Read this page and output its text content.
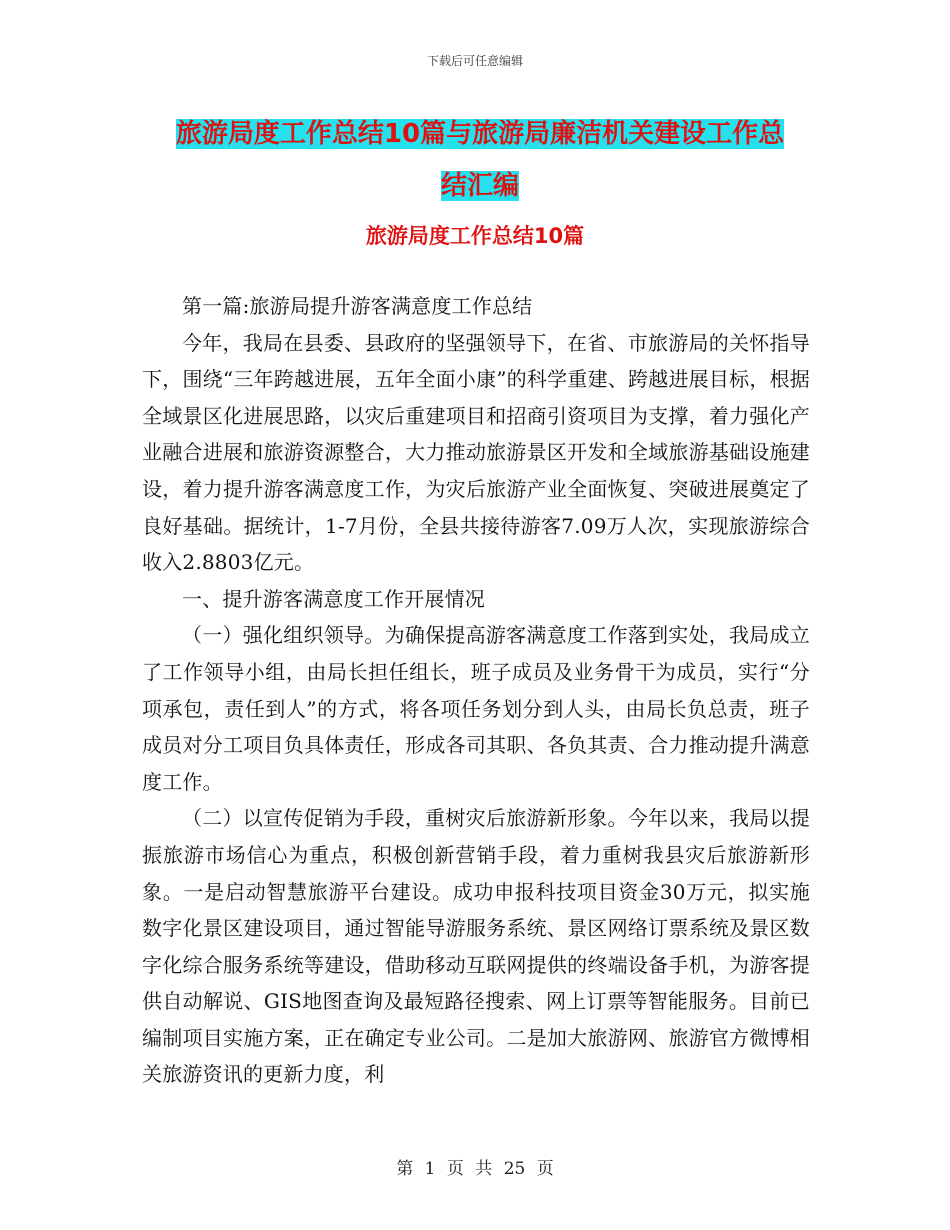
下载后可任意编辑
旅游局度工作总结10篇与旅游局廉洁机关建设工作总
结汇编
旅游局度工作总结10篇

第一篇:旅游局提升游客满意度工作总结

今年，我局在县委、县政府的坚强领导下，在省、市旅游局的关怀指导下，围绕“三年跨越进展，五年全面小康”的科学重建、跨越进展目标，根据全域景区化进展思路，以灾后重建项目和招商引资项目为支撑，着力强化产业融合进展和旅游资源整合，大力推动旅游景区开发和全域旅游基础设施建设，着力提升游客满意度工作，为灾后旅游产业全面恢复、突破进展奠定了良好基础。据统计，1-7月份，全县共接待游客7.09万人次，实现旅游综合收入2.8803亿元。

一、提升游客满意度工作开展情况

（一）强化组织领导。为确保提高游客满意度工作落到实处，我局成立了工作领导小组，由局长担任组长，班子成员及业务骨干为成员，实行“分项承包，责任到人”的方式，将各项任务划分到人头，由局长负总责，班子成员对分工项目负具体责任，形成各司其职、各负其责、合力推动提升满意度工作。

（二）以宣传促销为手段，重树灾后旅游新形象。今年以来，我局以提振旅游市场信心为重点，积极创新营销手段，着力重树我县灾后旅游新形象。一是启动智慧旅游平台建设。成功申报科技项目资金30万元，拟实施数字化景区建设项目，通过智能导游服务系统、景区网络订票系统及景区数字化综合服务系统等建设，借助移动互联网提供的终端设备手机，为游客提供自动解说、GIS地图查询及最短路径搜索、网上订票等智能服务。目前已编制项目实施方案，正在确定专业公司。二是加大旅游网、旅游官方微博相关旅游资讯的更新力度，利

第 1 页 共 25 页
